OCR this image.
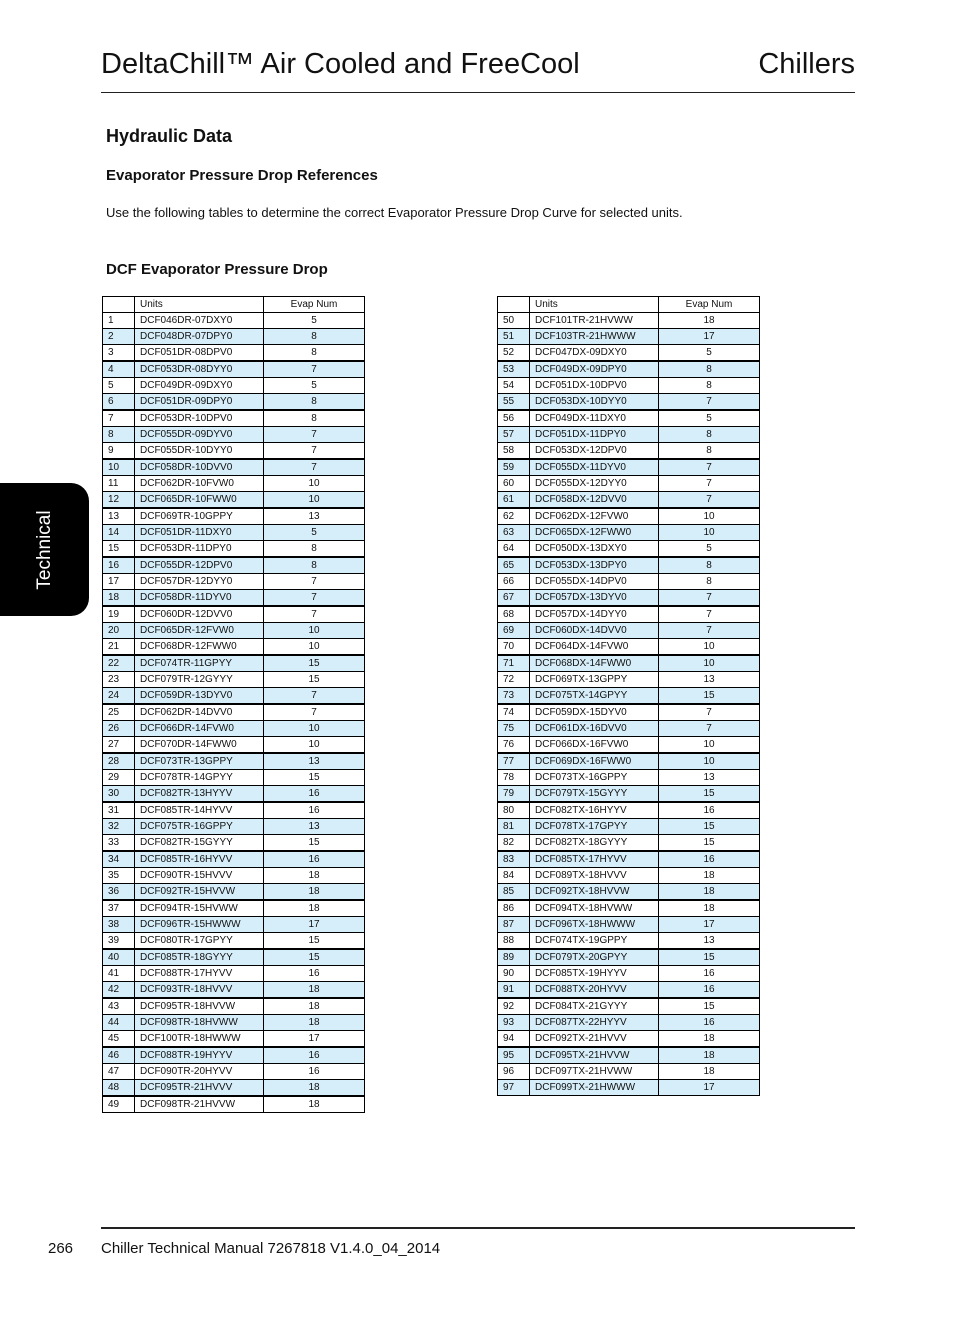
DeltaChill™ Air Cooled and FreeCool	Chillers
Technical
Hydraulic Data
Evaporator Pressure Drop References
Use the following tables to determine the correct Evaporator Pressure Drop Curve for selected units.
DCF Evaporator Pressure Drop
	Units	Evap Num
1	DCF046DR-07DXY0	5
2	DCF048DR-07DPY0	8
3	DCF051DR-08DPV0	8
4	DCF053DR-08DYY0	7
5	DCF049DR-09DXY0	5
6	DCF051DR-09DPY0	8
7	DCF053DR-10DPV0	8
8	DCF055DR-09DYV0	7
9	DCF055DR-10DYY0	7
10	DCF058DR-10DVV0	7
11	DCF062DR-10FVW0	10
12	DCF065DR-10FWW0	10
13	DCF069TR-10GPPY	13
14	DCF051DR-11DXY0	5
15	DCF053DR-11DPY0	8
16	DCF055DR-12DPV0	8
17	DCF057DR-12DYY0	7
18	DCF058DR-11DYV0	7
19	DCF060DR-12DVV0	7
20	DCF065DR-12FVW0	10
21	DCF068DR-12FWW0	10
22	DCF074TR-11GPYY	15
23	DCF079TR-12GYYY	15
24	DCF059DR-13DYV0	7
25	DCF062DR-14DVV0	7
26	DCF066DR-14FVW0	10
27	DCF070DR-14FWW0	10
28	DCF073TR-13GPPY	13
29	DCF078TR-14GPYY	15
30	DCF082TR-13HYYV	16
31	DCF085TR-14HYVV	16
32	DCF075TR-16GPPY	13
33	DCF082TR-15GYYY	15
34	DCF085TR-16HYVV	16
35	DCF090TR-15HVVV	18
36	DCF092TR-15HVVW	18
37	DCF094TR-15HVWW	18
38	DCF096TR-15HWWW	17
39	DCF080TR-17GPYY	15
40	DCF085TR-18GYYY	15
41	DCF088TR-17HYVV	16
42	DCF093TR-18HVVV	18
43	DCF095TR-18HVVW	18
44	DCF098TR-18HVWW	18
45	DCF100TR-18HWWW	17
46	DCF088TR-19HYYV	16
47	DCF090TR-20HYVV	16
48	DCF095TR-21HVVV	18
49	DCF098TR-21HVVW	18
	Units	Evap Num
50	DCF101TR-21HVWW	18
51	DCF103TR-21HWWW	17
52	DCF047DX-09DXY0	5
53	DCF049DX-09DPY0	8
54	DCF051DX-10DPV0	8
55	DCF053DX-10DYY0	7
56	DCF049DX-11DXY0	5
57	DCF051DX-11DPY0	8
58	DCF053DX-12DPV0	8
59	DCF055DX-11DYV0	7
60	DCF055DX-12DYY0	7
61	DCF058DX-12DVV0	7
62	DCF062DX-12FVW0	10
63	DCF065DX-12FWW0	10
64	DCF050DX-13DXY0	5
65	DCF053DX-13DPY0	8
66	DCF055DX-14DPV0	8
67	DCF057DX-13DYV0	7
68	DCF057DX-14DYY0	7
69	DCF060DX-14DVV0	7
70	DCF064DX-14FVW0	10
71	DCF068DX-14FWW0	10
72	DCF069TX-13GPPY	13
73	DCF075TX-14GPYY	15
74	DCF059DX-15DYV0	7
75	DCF061DX-16DVV0	7
76	DCF066DX-16FVW0	10
77	DCF069DX-16FWW0	10
78	DCF073TX-16GPPY	13
79	DCF079TX-15GYYY	15
80	DCF082TX-16HYYV	16
81	DCF078TX-17GPYY	15
82	DCF082TX-18GYYY	15
83	DCF085TX-17HYVV	16
84	DCF089TX-18HVVV	18
85	DCF092TX-18HVVW	18
86	DCF094TX-18HVWW	18
87	DCF096TX-18HWWW	17
88	DCF074TX-19GPPY	13
89	DCF079TX-20GPYY	15
90	DCF085TX-19HYYV	16
91	DCF088TX-20HYVV	16
92	DCF084TX-21GYYY	15
93	DCF087TX-22HYYV	16
94	DCF092TX-21HVVV	18
95	DCF095TX-21HVVW	18
96	DCF097TX-21HVWW	18
97	DCF099TX-21HWWW	17
266 Chiller Technical Manual 7267818 V1.4.0_04_2014
